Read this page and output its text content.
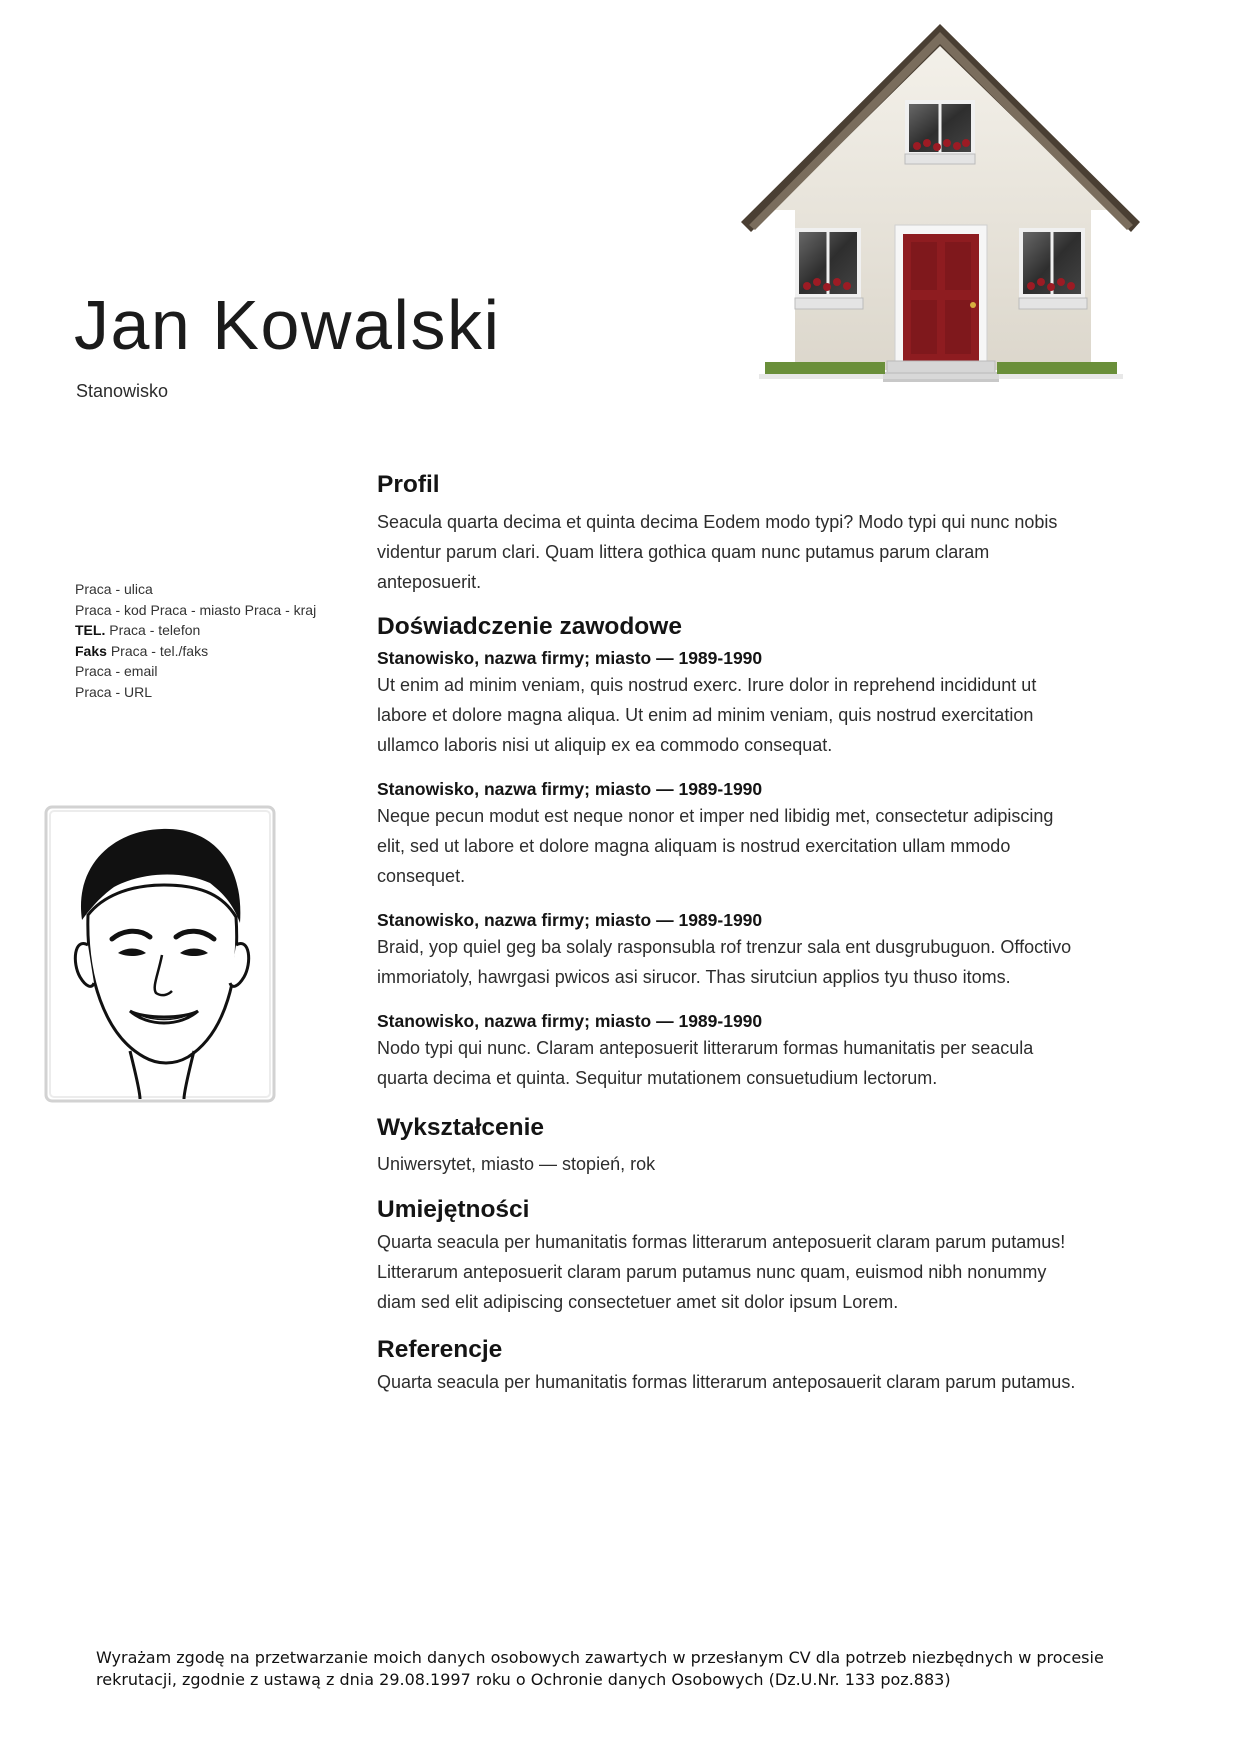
Jan Kowalski
Stanowisko
Praca - ulica
Praca - kod Praca - miasto Praca - kraj
TEL. Praca - telefon
Faks Praca - tel./faks
Praca - email
Praca - URL
Profil
Seacula quarta decima et quinta decima Eodem modo typi? Modo typi qui nunc nobis
videntur parum clari. Quam littera gothica quam nunc putamus parum claram
anteposuerit.
Doświadczenie zawodowe
Stanowisko, nazwa firmy; miasto — 1989-1990
Ut enim ad minim veniam, quis nostrud exerc. Irure dolor in reprehend incididunt ut
labore et dolore magna aliqua. Ut enim ad minim veniam, quis nostrud exercitation
ullamco laboris nisi ut aliquip ex ea commodo consequat.
Stanowisko, nazwa firmy; miasto — 1989-1990
Neque pecun modut est neque nonor et imper ned libidig met, consectetur adipiscing
elit, sed ut labore et dolore magna aliquam is nostrud exercitation ullam mmodo
consequet.
Stanowisko, nazwa firmy; miasto — 1989-1990
Braid, yop quiel geg ba solaly rasponsubla rof trenzur sala ent dusgrubuguon. Offoctivo
immoriatoly, hawrgasi pwicos asi sirucor. Thas sirutciun applios tyu thuso itoms.
Stanowisko, nazwa firmy; miasto — 1989-1990
Nodo typi qui nunc. Claram anteposuerit litterarum formas humanitatis per seacula
quarta decima et quinta. Sequitur mutationem consuetudium lectorum.
Wykształcenie
Uniwersytet, miasto — stopień, rok
Umiejętności
Quarta seacula per humanitatis formas litterarum anteposuerit claram parum putamus!
Litterarum anteposuerit claram parum putamus nunc quam, euismod nibh nonummy
diam sed elit adipiscing consectetuer amet sit dolor ipsum Lorem.
Referencje
Quarta seacula per humanitatis formas litterarum anteposauerit claram parum putamus.
Wyrażam zgodę na przetwarzanie moich danych osobowych zawartych w przesłanym CV dla potrzeb niezbędnych w procesie
rekrutacji, zgodnie z ustawą z dnia 29.08.1997 roku o Ochronie danych Osobowych (Dz.U.Nr. 133 poz.883)
